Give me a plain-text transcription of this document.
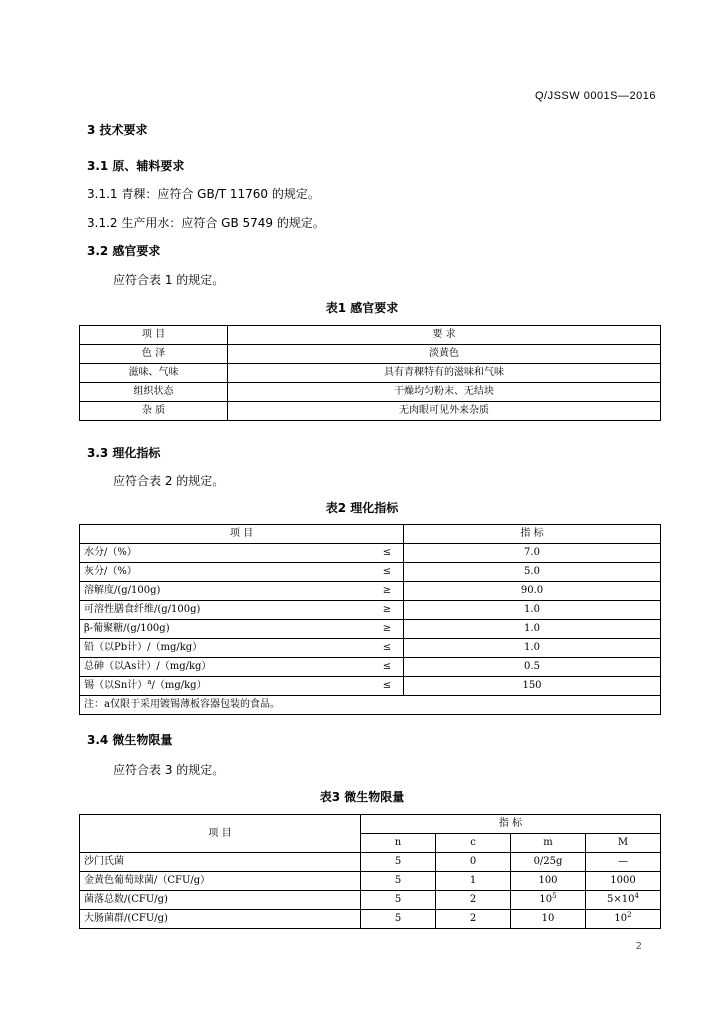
Q/JSSW 0001S—2016
3 技术要求
3.1 原、辅料要求
3.1.1 青稞：应符合 GB/T 11760 的规定。
3.1.2 生产用水：应符合 GB 5749 的规定。
3.2 感官要求
应符合表 1 的规定。
表1 感官要求
项 目	要 求
色 泽	淡黄色
滋味、气味	具有青稞特有的滋味和气味
组织状态	干燥均匀粉末、无结块
杂 质	无肉眼可见外来杂质
3.3 理化指标
应符合表 2 的规定。
表2 理化指标
项 目		指 标
水分/（%）	≤	7.0
灰分/（%）	≤	5.0
溶解度/(g/100g)	≥	90.0
可溶性膳食纤维/(g/100g)	≥	1.0
β-葡聚糖/(g/100g)	≥	1.0
铅（以Pb计）/（mg/kg）	≤	1.0
总砷（以As计）/（mg/kg）	≤	0.5
锡（以Sn计）$^a$/（mg/kg）	≤	150
注：a仅限于采用镀锡薄板容器包装的食品。		
3.4 微生物限量
应符合表 3 的规定。
表3 微生物限量
项 目	指 标			
	n	c	m	M
沙门氏菌	5	0	0/25g	—
金黄色葡萄球菌/（CFU/g）	5	1	100	1000
菌落总数/(CFU/g)	5	2	$10^5$	$5\times 10^4$
大肠菌群/(CFU/g)	5	2	10	$10^2$
2
